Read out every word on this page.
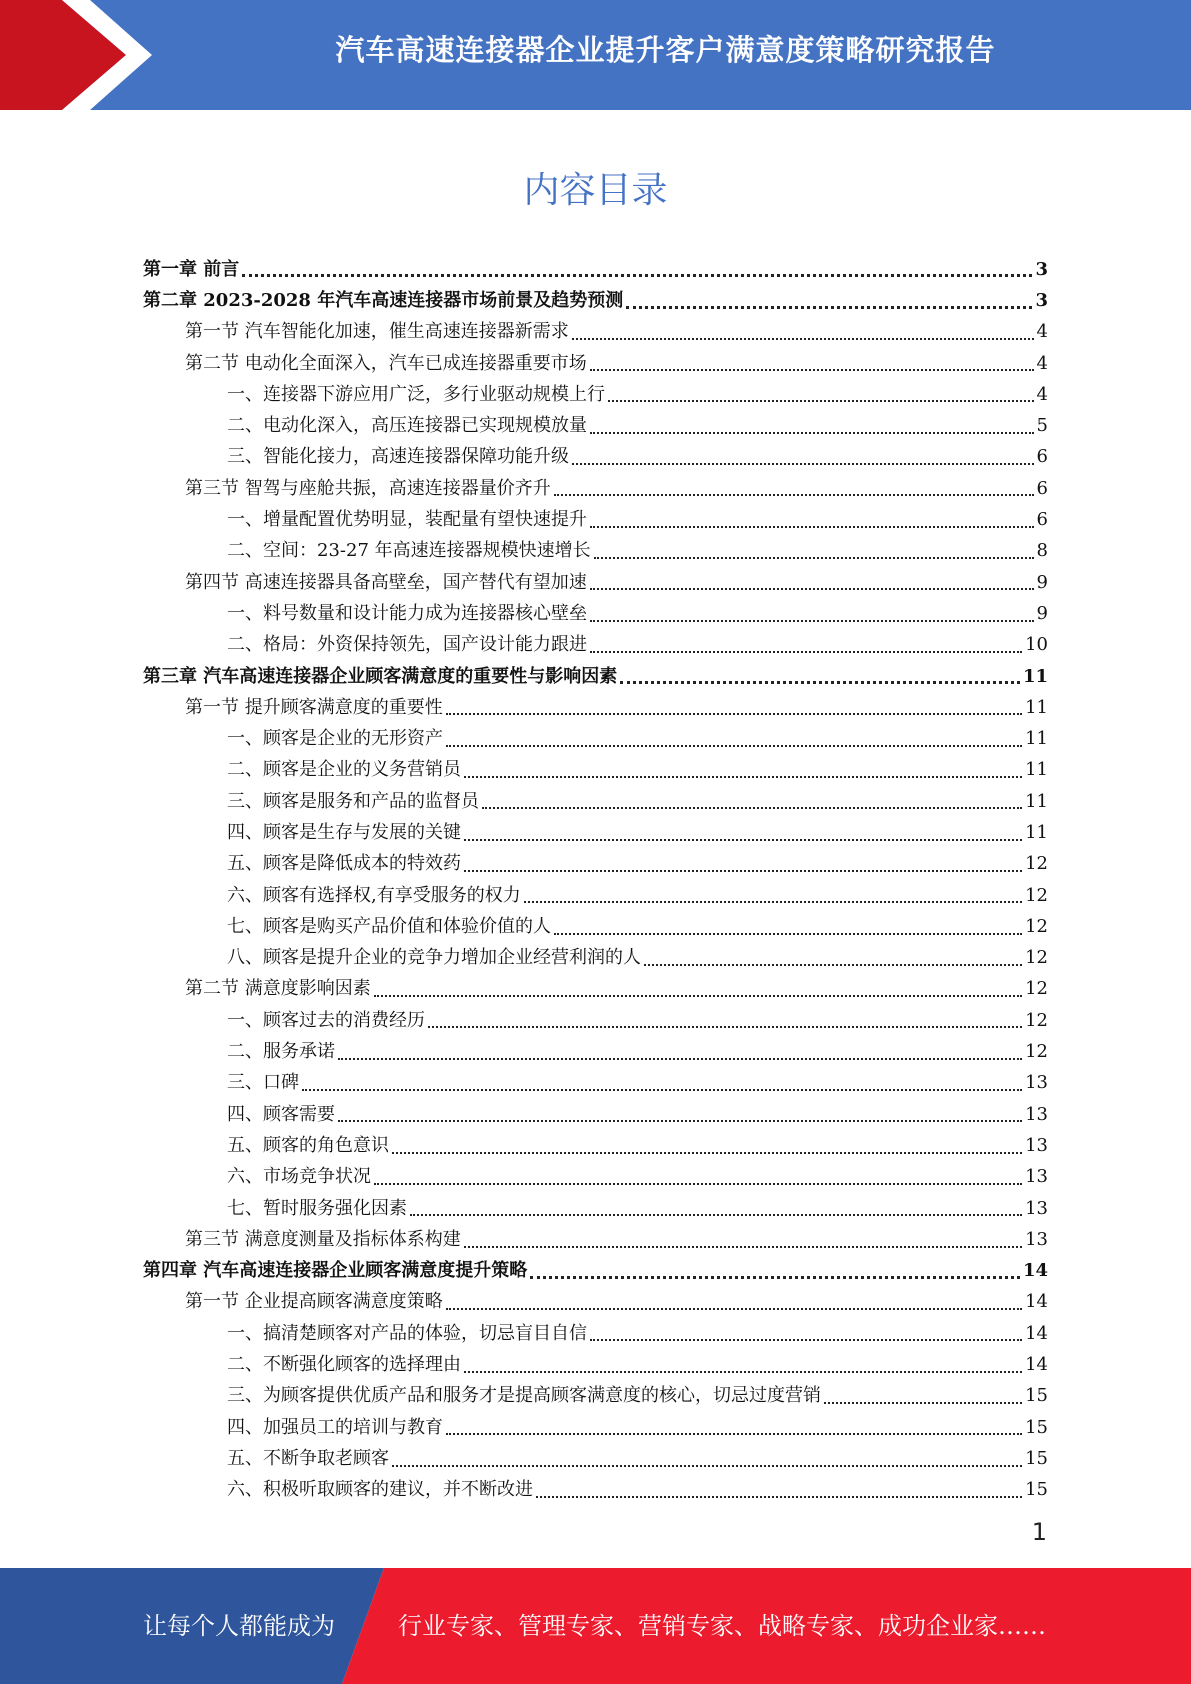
汽车高速连接器企业提升客户满意度策略研究报告
内容目录
第一章 前言	3
第二章 2023-2028 年汽车高速连接器市场前景及趋势预测	3
第一节 汽车智能化加速，催生高速连接器新需求	4
第二节 电动化全面深入，汽车已成连接器重要市场	4
一、连接器下游应用广泛，多行业驱动规模上行	4
二、电动化深入，高压连接器已实现规模放量	5
三、智能化接力，高速连接器保障功能升级	6
第三节 智驾与座舱共振，高速连接器量价齐升	6
一、增量配置优势明显，装配量有望快速提升	6
二、空间：23-27 年高速连接器规模快速增长	8
第四节 高速连接器具备高壁垒，国产替代有望加速	9
一、料号数量和设计能力成为连接器核心壁垒	9
二、格局：外资保持领先，国产设计能力跟进	10
第三章 汽车高速连接器企业顾客满意度的重要性与影响因素	11
第一节 提升顾客满意度的重要性	11
一、顾客是企业的无形资产	11
二、顾客是企业的义务营销员	11
三、顾客是服务和产品的监督员	11
四、顾客是生存与发展的关键	11
五、顾客是降低成本的特效药	12
六、顾客有选择权,有享受服务的权力	12
七、顾客是购买产品价值和体验价值的人	12
八、顾客是提升企业的竞争力增加企业经营利润的人	12
第二节 满意度影响因素	12
一、顾客过去的消费经历	12
二、服务承诺	12
三、口碑	13
四、顾客需要	13
五、顾客的角色意识	13
六、市场竞争状况	13
七、暂时服务强化因素	13
第三节 满意度测量及指标体系构建	13
第四章 汽车高速连接器企业顾客满意度提升策略	14
第一节 企业提高顾客满意度策略	14
一、搞清楚顾客对产品的体验，切忌盲目自信	14
二、不断强化顾客的选择理由	14
三、为顾客提供优质产品和服务才是提高顾客满意度的核心，切忌过度营销	15
四、加强员工的培训与教育	15
五、不断争取老顾客	15
六、积极听取顾客的建议，并不断改进	15
1
让每个人都能成为	行业专家、管理专家、营销专家、战略专家、成功企业家……
